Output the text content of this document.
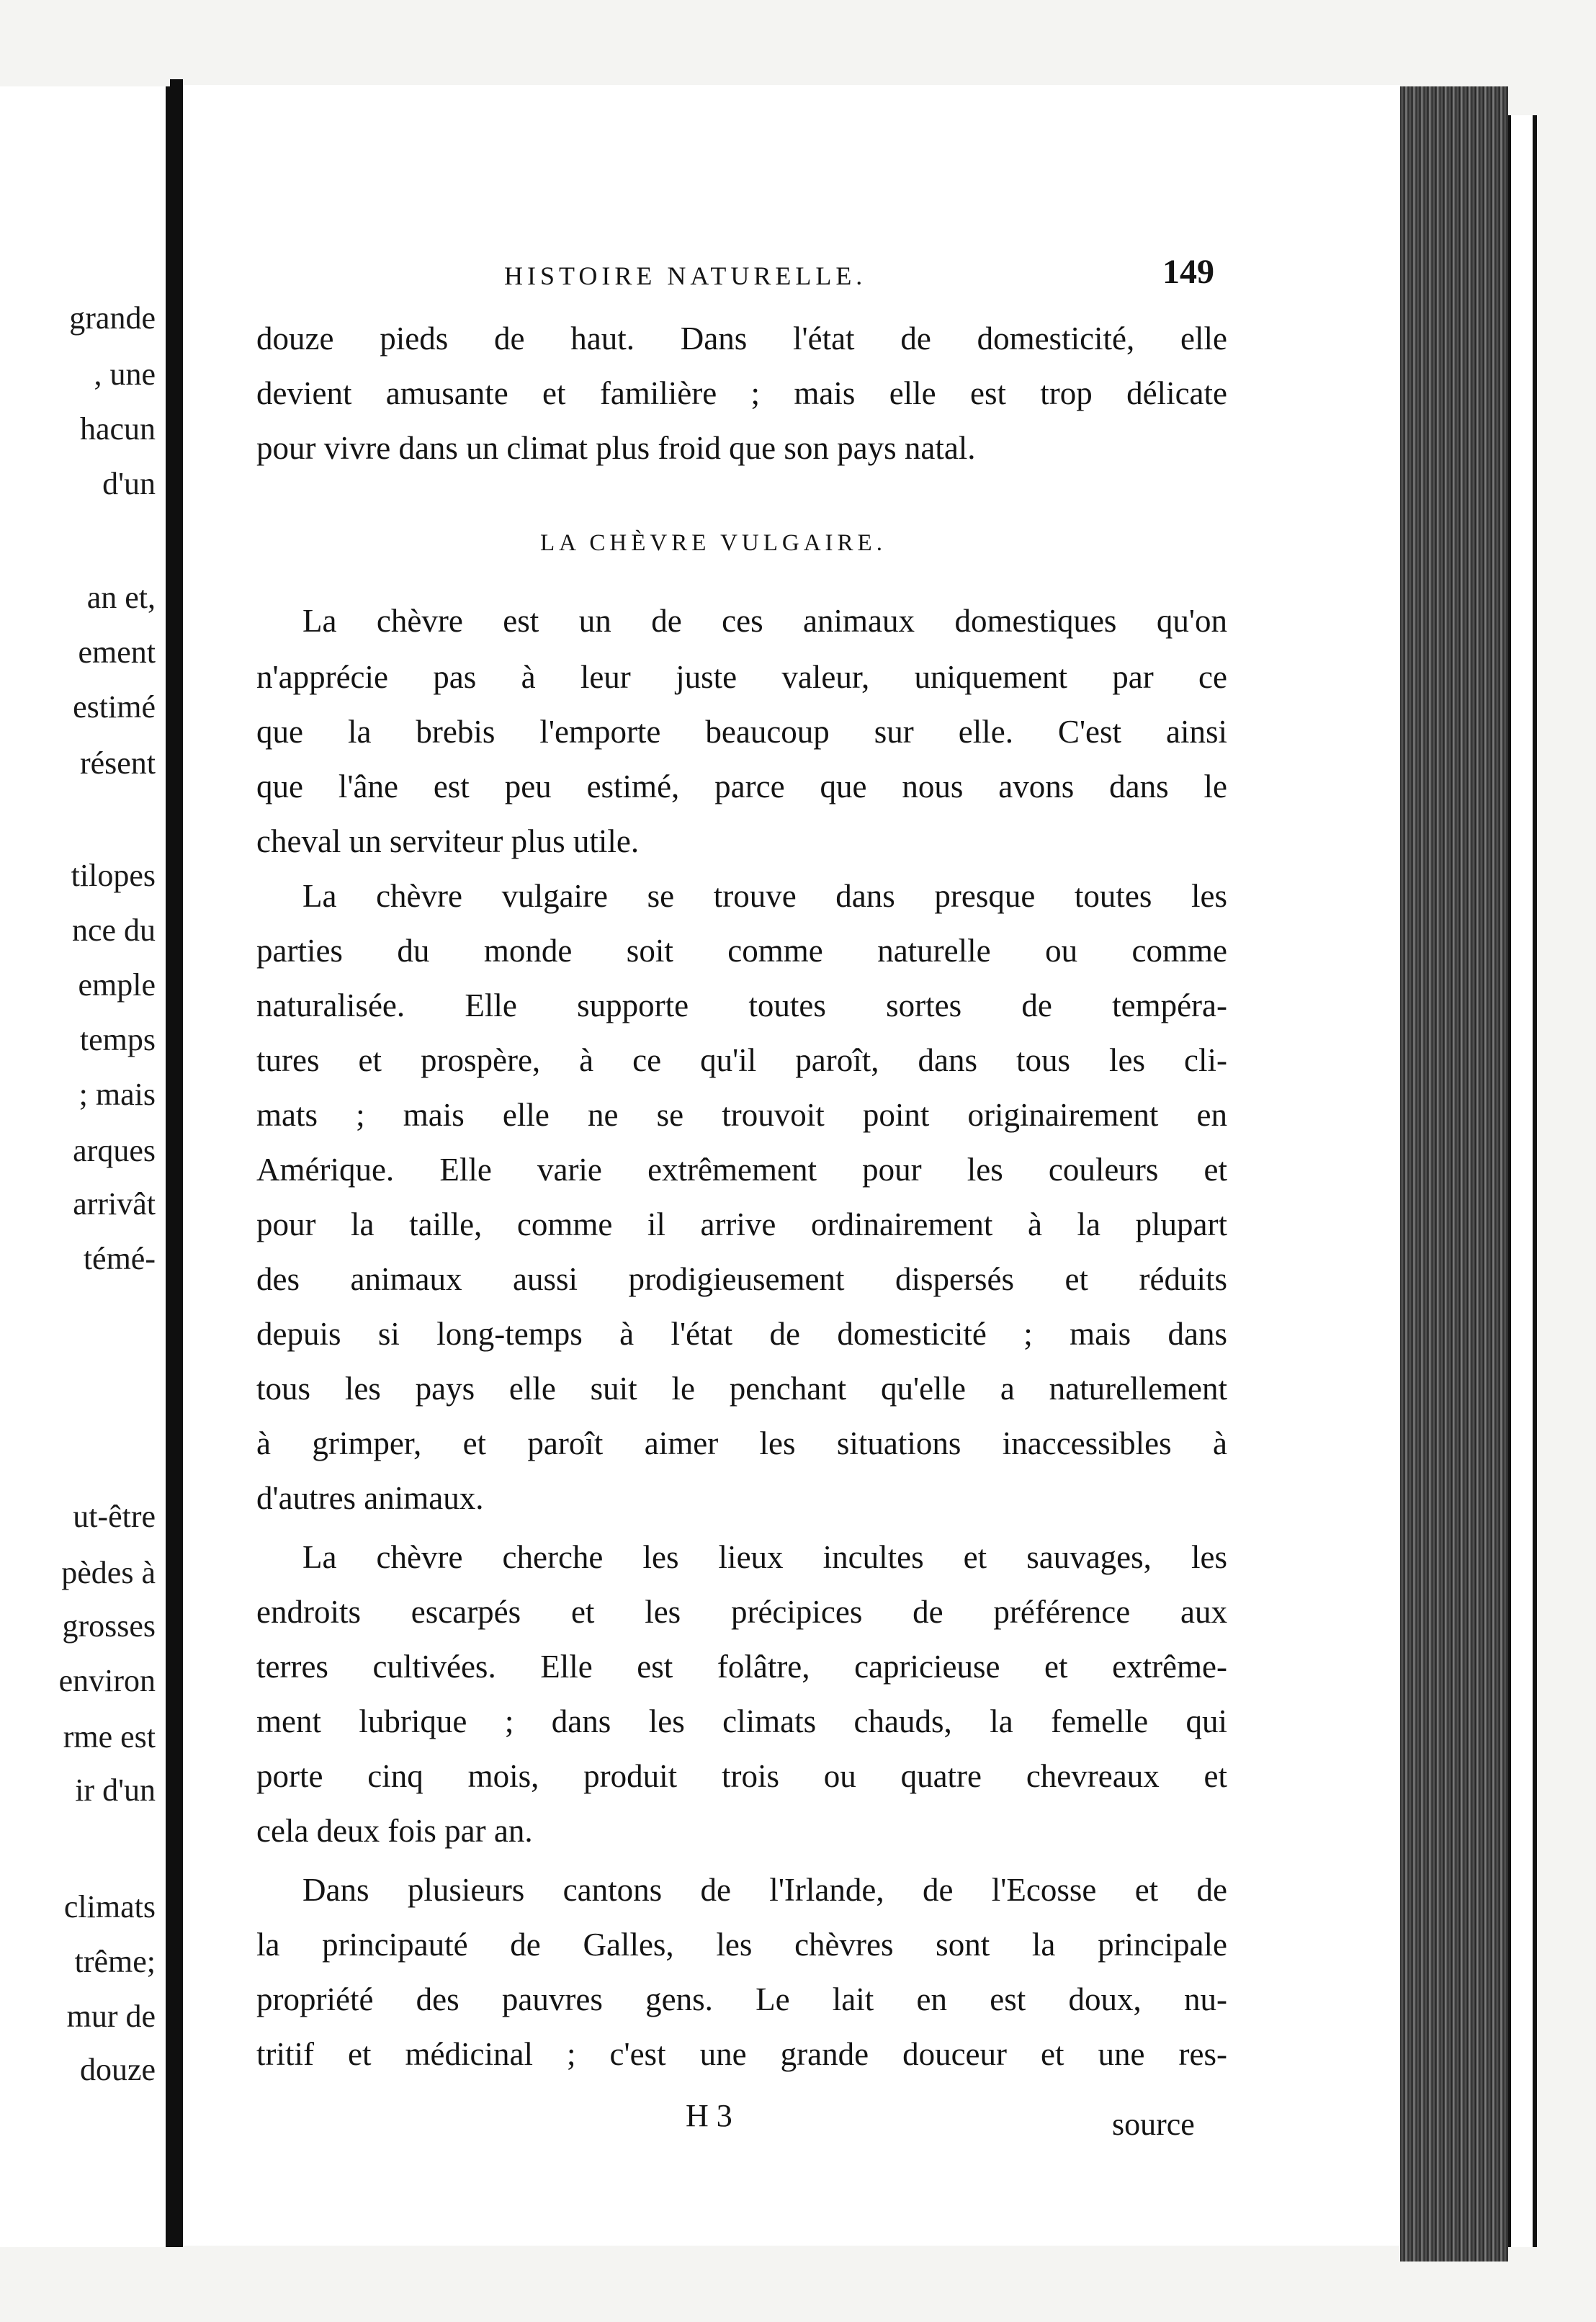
grande
, une
hacun
d'un
an et,
ement
estimé
résent
tilopes
nce du
emple
temps
; mais
arques
arrivât
témé-
ut-être
pèdes à
grosses
environ
rme est
ir d'un
climats
trême;
mur de
douze
HISTOIRE NATURELLE.	149
douze pieds de haut. Dans l'état de domesticité, elle
devient amusante et familière ; mais elle est trop délicate
pour vivre dans un climat plus froid que son pays natal.
LA CHÈVRE VULGAIRE.
La chèvre est un de ces animaux domestiques qu'on
n'apprécie pas à leur juste valeur, uniquement par ce
que la brebis l'emporte beaucoup sur elle. C'est ainsi
que l'âne est peu estimé, parce que nous avons dans le
cheval un serviteur plus utile.
La chèvre vulgaire se trouve dans presque toutes les
parties du monde soit comme naturelle ou comme
naturalisée. Elle supporte toutes sortes de tempéra-
tures et prospère, à ce qu'il paroît, dans tous les cli-
mats ; mais elle ne se trouvoit point originairement en
Amérique. Elle varie extrêmement pour les couleurs et
pour la taille, comme il arrive ordinairement à la plupart
des animaux aussi prodigieusement dispersés et réduits
depuis si long-temps à l'état de domesticité ; mais dans
tous les pays elle suit le penchant qu'elle a naturellement
à grimper, et paroît aimer les situations inaccessibles à
d'autres animaux.
La chèvre cherche les lieux incultes et sauvages, les
endroits escarpés et les précipices de préférence aux
terres cultivées. Elle est folâtre, capricieuse et extrême-
ment lubrique ; dans les climats chauds, la femelle qui
porte cinq mois, produit trois ou quatre chevreaux et
cela deux fois par an.
Dans plusieurs cantons de l'Irlande, de l'Ecosse et de
la principauté de Galles, les chèvres sont la principale
propriété des pauvres gens. Le lait en est doux, nu-
tritif et médicinal ; c'est une grande douceur et une res-
H 3	source
